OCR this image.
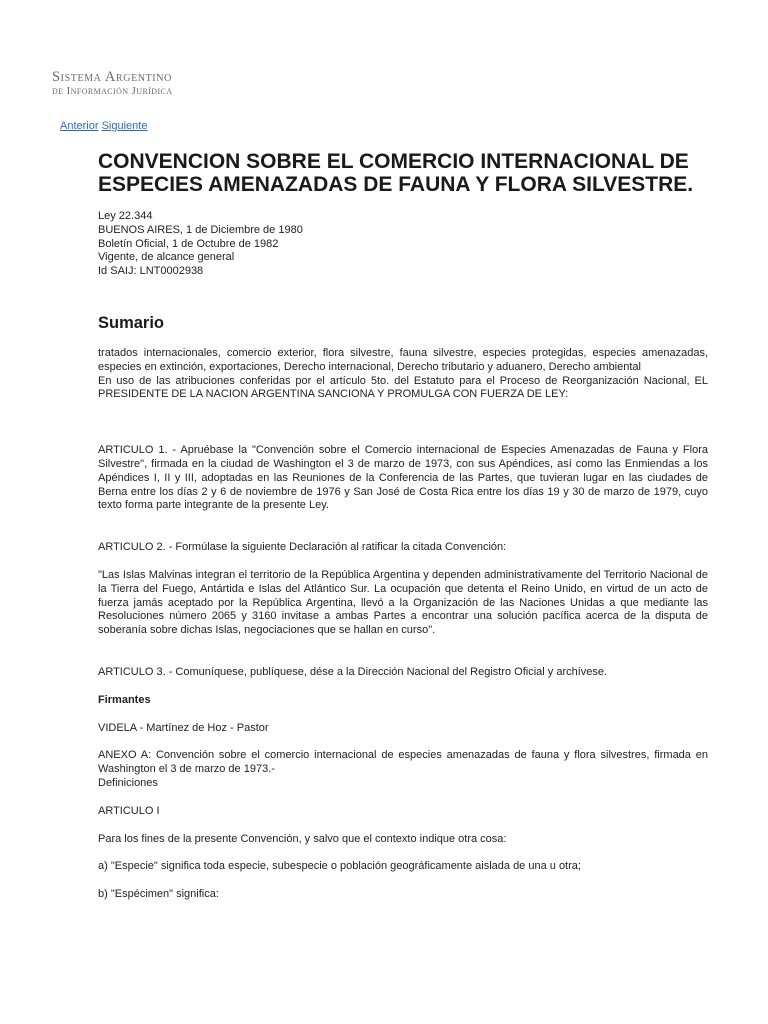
Sistema Argentino
de Información Jurídica
Anterior Siguiente
CONVENCION SOBRE EL COMERCIO INTERNACIONAL DE ESPECIES AMENAZADAS DE FAUNA Y FLORA SILVESTRE.
Ley 22.344
BUENOS AIRES, 1 de Diciembre de 1980
Boletín Oficial, 1 de Octubre de 1982
Vigente, de alcance general
Id SAIJ: LNT0002938
Sumario

tratados internacionales, comercio exterior, flora silvestre, fauna silvestre, especies protegidas, especies amenazadas, especies en extinción, exportaciones, Derecho internacional, Derecho tributario y aduanero, Derecho ambiental

En uso de las atribuciones conferidas por el artículo 5to. del Estatuto para el Proceso de Reorganización Nacional, EL PRESIDENTE DE LA NACION ARGENTINA SANCIONA Y PROMULGA CON FUERZA DE LEY:

ARTICULO 1. - Apruébase la "Convención sobre el Comercio internacional de Especies Amenazadas de Fauna y Flora Silvestre", firmada en la ciudad de Washington el 3 de marzo de 1973, con sus Apéndices, así como las Enmiendas a los Apéndices I, II y III, adoptadas en las Reuniones de la Conferencia de las Partes, que tuvieran lugar en las ciudades de Berna entre los días 2 y 6 de noviembre de 1976 y San José de Costa Rica entre los días 19 y 30 de marzo de 1979, cuyo texto forma parte integrante de la presente Ley.

ARTICULO 2. - Formúlase la siguiente Declaración al ratificar la citada Convención:

"Las Islas Malvinas integran el territorio de la República Argentina y dependen administrativamente del Territorio Nacional de la Tierra del Fuego, Antártida e Islas del Atlántico Sur. La ocupación que detenta el Reino Unido, en virtud de un acto de fuerza jamás aceptado por la República Argentina, llevó a la Organización de las Naciones Unidas a que mediante las Resoluciones número 2065 y 3160 invitase a ambas Partes a encontrar una solución pacífica acerca de la disputa de soberanía sobre dichas Islas, negociaciones que se hallan en curso".

ARTICULO 3. - Comuníquese, publíquese, dése a la Dirección Nacional del Registro Oficial y archívese.

Firmantes

VIDELA - Martínez de Hoz - Pastor

ANEXO A: Convención sobre el comercio internacional de especies amenazadas de fauna y flora silvestres, firmada en Washington el 3 de marzo de 1973.-

Definiciones

ARTICULO I

Para los fines de la presente Convención, y salvo que el contexto indique otra cosa:

a) "Especie" significa toda especie, subespecie o población geográficamente aislada de una u otra;

b) "Espécimen" significa:
